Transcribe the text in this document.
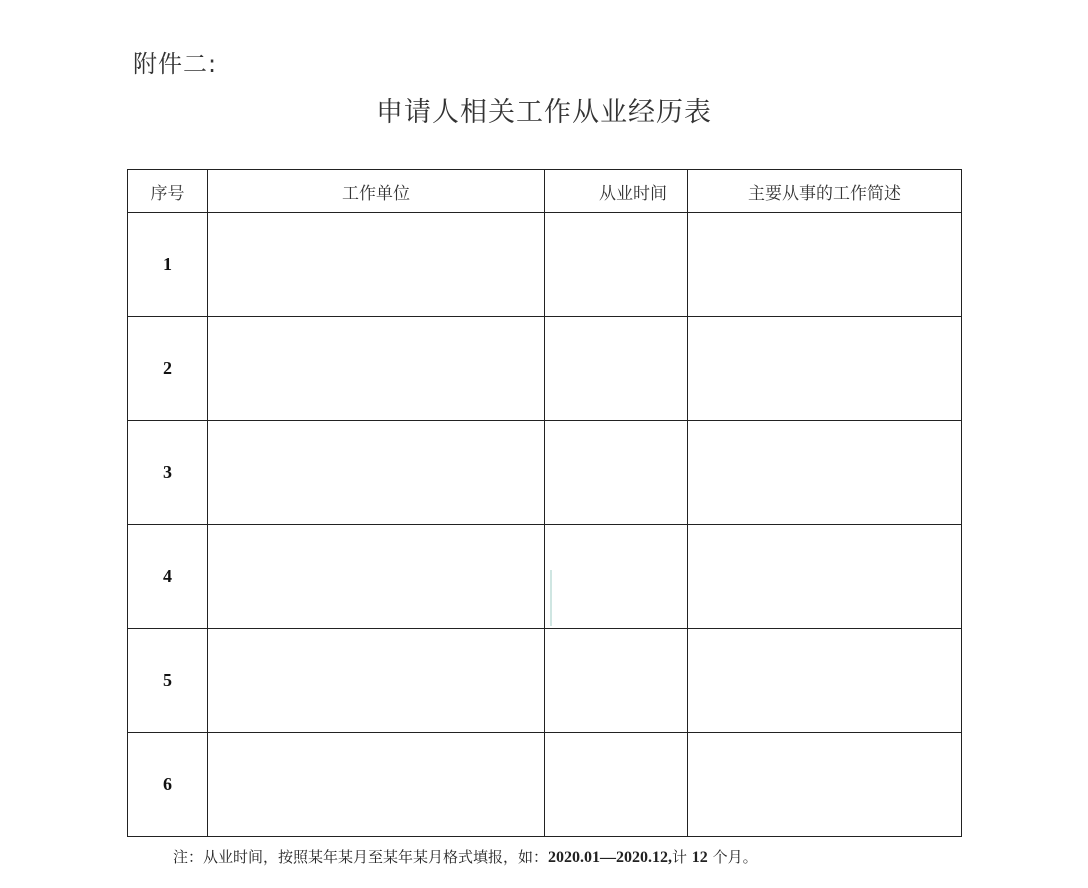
附件二:
申请人相关工作从业经历表
序号	工作单位	从业时间	主要从事的工作简述
1			
2			
3			
4		

5			
6			
注：从业时间，按照某年某月至某年某月格式填报，如：2020.01—2020.12,计 12 个月。
